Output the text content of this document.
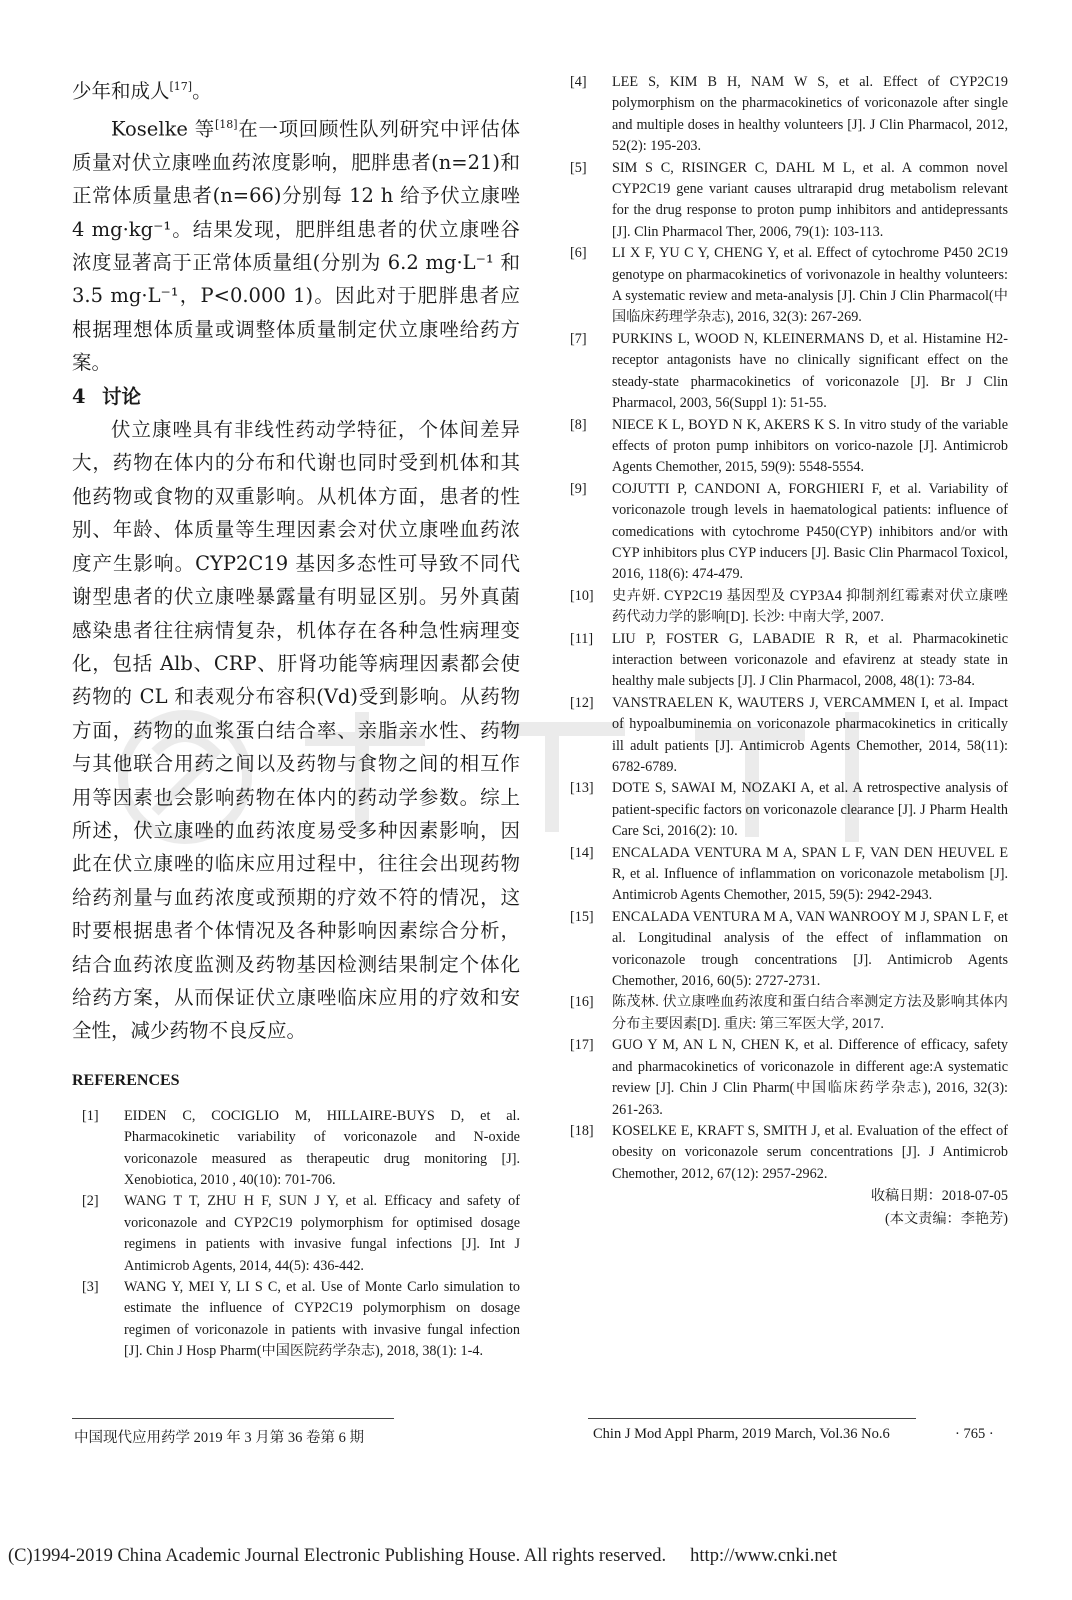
少年和成人[17]。

Koselke 等[18]在一项回顾性队列研究中评估体质量对伏立康唑血药浓度影响，肥胖患者(n=21)和正常体质量患者(n=66)分别每 12 h 给予伏立康唑 4 mg·kg⁻¹。结果发现，肥胖组患者的伏立康唑谷浓度显著高于正常体质量组(分别为 6.2 mg·L⁻¹ 和 3.5 mg·L⁻¹，P<0.000 1)。因此对于肥胖患者应根据理想体质量或调整体质量制定伏立康唑给药方案。

4 讨论

伏立康唑具有非线性药动学特征，个体间差异大，药物在体内的分布和代谢也同时受到机体和其他药物或食物的双重影响。从机体方面，患者的性别、年龄、体质量等生理因素会对伏立康唑血药浓度产生影响。CYP2C19 基因多态性可导致不同代谢型患者的伏立康唑暴露量有明显区别。另外真菌感染患者往往病情复杂，机体存在各种急性病理变化，包括 Alb、CRP、肝肾功能等病理因素都会使药物的 CL 和表观分布容积(Vd)受到影响。从药物方面，药物的血浆蛋白结合率、亲脂亲水性、药物与其他联合用药之间以及药物与食物之间的相互作用等因素也会影响药物在体内的药动学参数。综上所述，伏立康唑的血药浓度易受多种因素影响，因此在伏立康唑的临床应用过程中，往往会出现药物给药剂量与血药浓度或预期的疗效不符的情况，这时要根据患者个体情况及各种影响因素综合分析，结合血药浓度监测及药物基因检测结果制定个体化给药方案，从而保证伏立康唑临床应用的疗效和安全性，减少药物不良反应。

REFERENCES
[1] EIDEN C, COCIGLIO M, HILLAIRE-BUYS D, et al. Pharmacokinetic variability of voriconazole and N-oxide voriconazole measured as therapeutic drug monitoring [J]. Xenobiotica, 2010 , 40(10): 701-706.
[2] WANG T T, ZHU H F, SUN J Y, et al. Efficacy and safety of voriconazole and CYP2C19 polymorphism for optimised dosage regimens in patients with invasive fungal infections [J]. Int J Antimicrob Agents, 2014, 44(5): 436-442.
[3] WANG Y, MEI Y, LI S C, et al. Use of Monte Carlo simulation to estimate the influence of CYP2C19 polymorphism on dosage regimen of voriconazole in patients with invasive fungal infection [J]. Chin J Hosp Pharm(中国医院药学杂志), 2018, 38(1): 1-4.
[4] LEE S, KIM B H, NAM W S, et al. Effect of CYP2C19 polymorphism on the pharmacokinetics of voriconazole after single and multiple doses in healthy volunteers [J]. J Clin Pharmacol, 2012, 52(2): 195-203.
[5] SIM S C, RISINGER C, DAHL M L, et al. A common novel CYP2C19 gene variant causes ultrarapid drug metabolism relevant for the drug response to proton pump inhibitors and antidepressants [J]. Clin Pharmacol Ther, 2006, 79(1): 103-113.
[6] LI X F, YU C Y, CHENG Y, et al. Effect of cytochrome P450 2C19 genotype on pharmacokinetics of vorivonazole in healthy volunteers: A systematic review and meta-analysis [J]. Chin J Clin Pharmacol(中国临床药理学杂志), 2016, 32(3): 267-269.
[7] PURKINS L, WOOD N, KLEINERMANS D, et al. Histamine H2-receptor antagonists have no clinically significant effect on the steady-state pharmacokinetics of voriconazole [J]. Br J Clin Pharmacol, 2003, 56(Suppl 1): 51-55.
[8] NIECE K L, BOYD N K, AKERS K S. In vitro study of the variable effects of proton pump inhibitors on vorico-nazole [J]. Antimicrob Agents Chemother, 2015, 59(9): 5548-5554.
[9] COJUTTI P, CANDONI A, FORGHIERI F, et al. Variability of voriconazole trough levels in haematological patients: influence of comedications with cytochrome P450(CYP) inhibitors and/or with CYP inhibitors plus CYP inducers [J]. Basic Clin Pharmacol Toxicol, 2016, 118(6): 474-479.
[10] 史卉妍. CYP2C19 基因型及 CYP3A4 抑制剂红霉素对伏立康唑药代动力学的影响[D]. 长沙: 中南大学, 2007.
[11] LIU P, FOSTER G, LABADIE R R, et al. Pharmacokinetic interaction between voriconazole and efavirenz at steady state in healthy male subjects [J]. J Clin Pharmacol, 2008, 48(1): 73-84.
[12] VANSTRAELEN K, WAUTERS J, VERCAMMEN I, et al. Impact of hypoalbuminemia on voriconazole pharmacokinetics in critically ill adult patients [J]. Antimicrob Agents Chemother, 2014, 58(11): 6782-6789.
[13] DOTE S, SAWAI M, NOZAKI A, et al. A retrospective analysis of patient-specific factors on voriconazole clearance [J]. J Pharm Health Care Sci, 2016(2): 10.
[14] ENCALADA VENTURA M A, SPAN L F, VAN DEN HEUVEL E R, et al. Influence of inflammation on voriconazole metabolism [J]. Antimicrob Agents Chemother, 2015, 59(5): 2942-2943.
[15] ENCALADA VENTURA M A, VAN WANROOY M J, SPAN L F, et al. Longitudinal analysis of the effect of inflammation on voriconazole trough concentrations [J]. Antimicrob Agents Chemother, 2016, 60(5): 2727-2731.
[16] 陈茂林. 伏立康唑血药浓度和蛋白结合率测定方法及影响其体内分布主要因素[D]. 重庆: 第三军医大学, 2017.
[17] GUO Y M, AN L N, CHEN K, et al. Difference of efficacy, safety and pharmacokinetics of voriconazole in different age:A systematic review [J]. Chin J Clin Pharm(中国临床药学杂志), 2016, 32(3): 261-263.
[18] KOSELKE E, KRAFT S, SMITH J, et al. Evaluation of the effect of obesity on voriconazole serum concentrations [J]. J Antimicrob Chemother, 2012, 67(12): 2957-2962.
收稿日期：2018-07-05
(本文责编：李艳芳)
中国现代应用药学 2019 年 3 月第 36 卷第 6 期	Chin J Mod Appl Pharm, 2019 March, Vol.36 No.6	· 765 ·
(C)1994-2019 China Academic Journal Electronic Publishing House. All rights reserved. http://www.cnki.net
